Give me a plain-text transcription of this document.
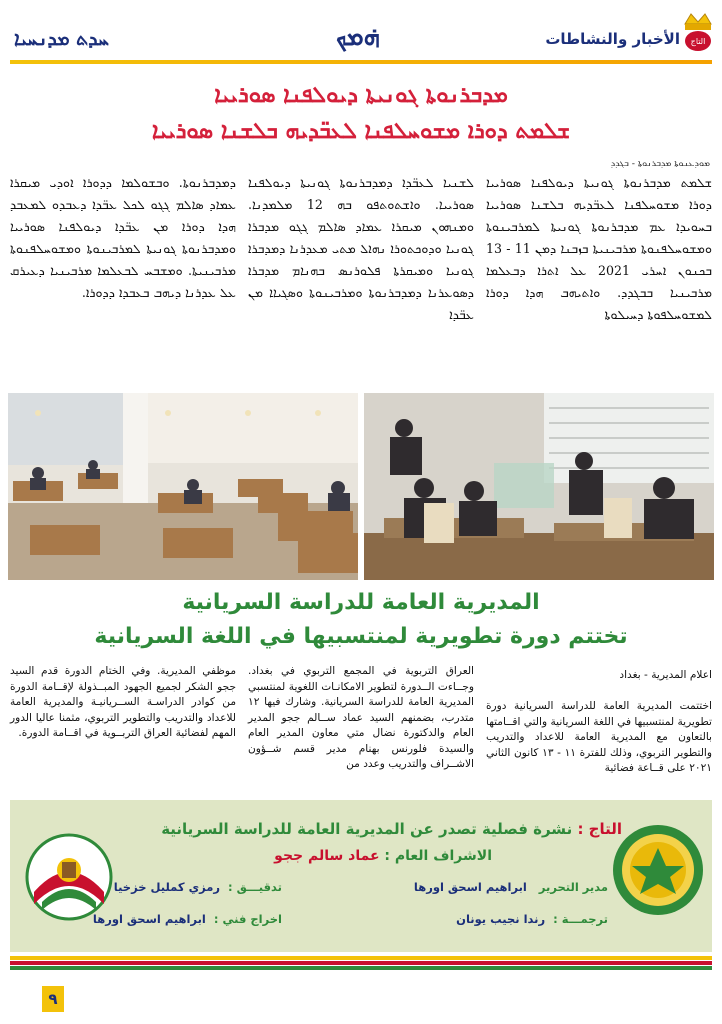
ܚܕܬ ܡܕܢܚܝܐ	ܗ݁ܡܟ	الأخبار والنشاطات التاج
ܡܕܒܪܢܘܬܐ ܓܘܢܝܬܐ ܕܝܘܠܦܢܐ ܣܘܪܝܝܐ
ܫܠܡܬ ܕܘܪܐ ܡܫܘܚܠܦܢܐ ܠܥܒ̈ܕܝܗ ܒܠܫܢܐ ܣܘܪܝܝܐ
ܡܘܕܥܢܘܬܐ ܡܕܒܪܢܘܬܐ - ܒܓܕܕ
ܫܠܡܬ ܡܕܒܪܢܘܬܐ ܓܘܢܝܬܐ ܕܝܘܠܦܢܐ ܣܘܪܝܝܐ ܕܘܪܐ ܡܫܘܚܠܦܢܐ ܠܥܒ̈ܕܝܗ ܒܠܫܢܐ ܣܘܪܝܝܐ ܒܚܘܝܕܐ ܥܡ ܡܕܒܪܢܘܬܐ ܓܘܢܝܬܐ ܠܡܪܒܝܢܘܬܐ ܘܡܫܘܚܠܦܢܘܬܐ ܡܪܒܝܢܝܬܐ ܒܙܒܢܐ ܕܡܢ 11 - 13 ܒܟܢܘܢ ܐܚܪܝ 2021 ܥܠ ܐܬܪܐ ܕܒܥܠܡܐ ܡܪܒܝܢܝܐ ܒܒܓܕܕ. ܘܐܬܝܗܒ ܗܕܐ ܕܘܪܐ ܠܡܫܘܚܠܦܘܬܐ ܕܚܝܠܘܬܐ
ܠܫܢܝܐ ܠܥܒ̈ܕܐ ܕܡܕܒܪܢܘܬܐ ܓܘܢܝܬܐ ܕܝܘܠܦܢܐ ܣܘܪܝܝܐ. ܘܐܫܬܘܬܦܘ ܒܗ 12 ܡܠܡܕܢܐ. ܘܡܢܗܘܢ ܡܝܩܪܐ ܥܡܐܕ ܣܐܠܡ ܓܓܘ ܡܕܒܪܐ ܓܘܢܝܐ ܘܕܘܟܬܘܪܐ ܢܗܐܠ ܡܬܝ ܡܥܕܪܢܐ ܕܡܕܒܪܐ ܓܘܢܝܐ ܘܡܝܩܪܬܐ ܦܠܘܪܢܣ ܒܗܢܐܡ ܡܕܒܪܐ ܕܣܘܥܪܢܐ ܕܡܕܒܪܢܘܬܐ ܘܡܪܒܝܢܘܬܐ ܘܣܓܝܐܐ ܡܢ ܥܒ̈ܕܐ
ܕܡܕܒܪܢܘܬܐ. ܘܒܫܘܠܡܐ ܕܕܘܪܐ ܐܘܕܝ ܡܝܩܪܐ ܥܡܐܕ ܣܐܠܡ ܓܓܘ ܠܟܠ ܥܒ̈ܕܐ ܕܥܒܕܘ ܠܡܥܒܕ ܗܕܐ ܕܘܪܐ ܡܢ ܥܒ̈ܕܐ ܕܝܘܠܦܢܐ ܣܘܪܝܝܐ ܘܡܕܒܪܢܘܬܐ ܓܘܢܝܬܐ ܠܡܪܒܝܢܘܬܐ ܘܡܫܘܚܠܦܢܘܬܐ ܡܪܒܝܢܝܬܐ. ܘܡܫܒܚ ܠܒܥܠܡܐ ܡܪܒܝܢܝܐ ܕܥܝܪܩ ܥܠ ܥܕܪܢܐ ܕܝܗܒ ܒܥܒܕܐ ܕܕܘܪܐ.
المديرية العامة للدراسة السريانية
تختتم دورة تطويرية لمنتسبيها في اللغة السريانية
اعلام المديرية - بغداد

اختتمت المديرية العامة للدراسة السريانية دورة تطويرية لمنتسبيها في اللغة السريانية والتي اقــامتها بالتعاون مع المديرية العامة للاعداد والتدريب والتطوير التربوي، وذلك للفترة ١١ - ١٣ كانون الثاني ٢٠٢١ على قــاعة فضائية
العراق التربوية في المجمع التربوي في بغداد. وجــاءت الــدورة لتطوير الامكانـات اللغوية لمنتسبي المديرية العامة للدراسة السريانية. وشارك فيها ١٢ متدرب، بضمنهم السيد عماد ســالم ججو المدير العام والدكتورة نضال متي معاون المدير العام والسيدة فلورنس بهنام مدير قسم شــؤون الاشــراف والتدريب وعدد من
موظفي المديرية. وفي الختام الدورة قدم السيد ججو الشكر لجميع الجهود المبــذولة لإقــامة الدورة من كوادر الدراسـة الســريانيـة والمديرية العامة للاعداد والتدريب والتطوير التربوي، مثمنا عاليا الدور المهم لفضائية العراق التربــوية في اقــامة الدورة.
التاج : نشرة فصلية تصدر عن المديرية العامة للدراسة السريانية
الاشراف العام : عماد سالم ججو
مدير التحرير   ابراهيم اسحق اورها
تدقيـــق :  رمزي كمليل خزخيا
ترجمـــة :  رندا نجيب يونان
اخراج فني :  ابراهيم اسحق اورها
٩
